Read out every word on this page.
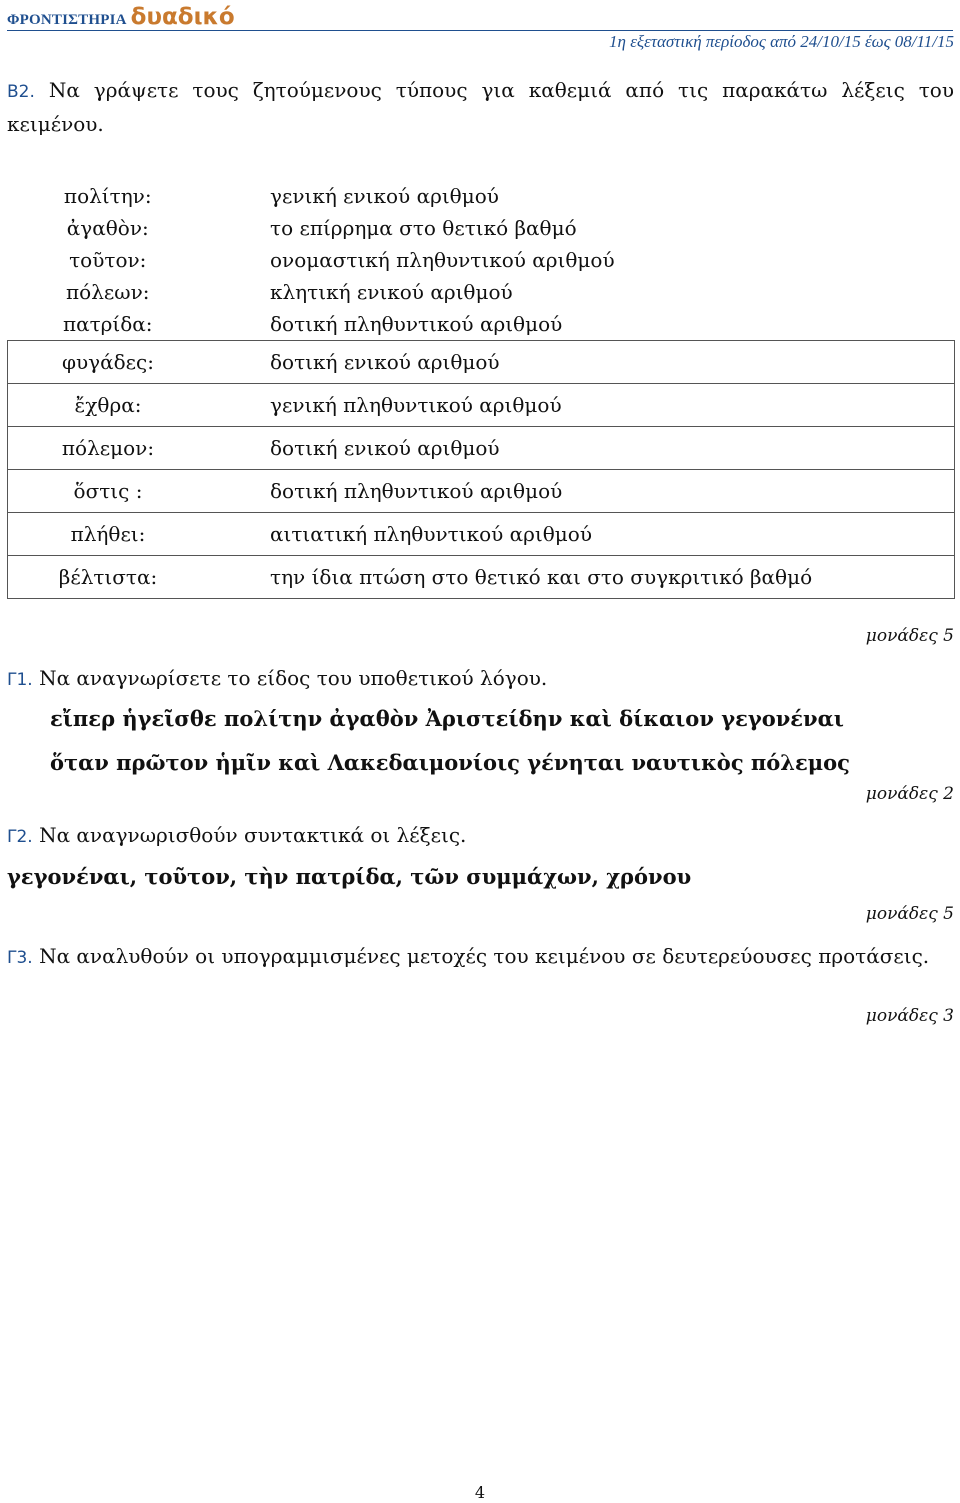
ΦΡΟΝΤΙΣΤΗΡΙΑ δυαδικό
1η εξεταστική περίοδος από 24/10/15 έως 08/11/15

Β2. Να γράψετε τους ζητούμενους τύπους για καθεμιά από τις παρακάτω λέξεις του κειμένου.

πολίτην:	γενική ενικού αριθμού
ἀγαθὸν:	το επίρρημα στο θετικό βαθμό
τοῦτον:	ονομαστική πληθυντικού αριθμού
πόλεων:	κλητική ενικού αριθμού
πατρίδα:	δοτική πληθυντικού αριθμού
φυγάδες:	δοτική ενικού αριθμού
ἔχθρα:	γενική πληθυντικού αριθμού
πόλεμον:	δοτική ενικού αριθμού
ὅστις :	δοτική πληθυντικού αριθμού
πλήθει:	αιτιατική πληθυντικού αριθμού
βέλτιστα:	την ίδια πτώση στο θετικό και στο συγκριτικό βαθμό
μονάδες 5

Γ1. Να αναγνωρίσετε το είδος του υποθετικού λόγου.

εἴπερ ἡγεῖσθε πολίτην ἀγαθὸν Ἀριστείδην καὶ δίκαιον γεγονέναι
ὅταν πρῶτον ἡμῖν καὶ Λακεδαιμονίοις γένηται ναυτικὸς πόλεμος
μονάδες 2

Γ2. Να αναγνωρισθούν συντακτικά οι λέξεις.

γεγονέναι, τοῦτον, τὴν πατρίδα, τῶν συμμάχων, χρόνου
μονάδες 5

Γ3. Να αναλυθούν οι υπογραμμισμένες μετοχές του κειμένου σε δευτερεύουσες προτάσεις.

μονάδες 3
4
